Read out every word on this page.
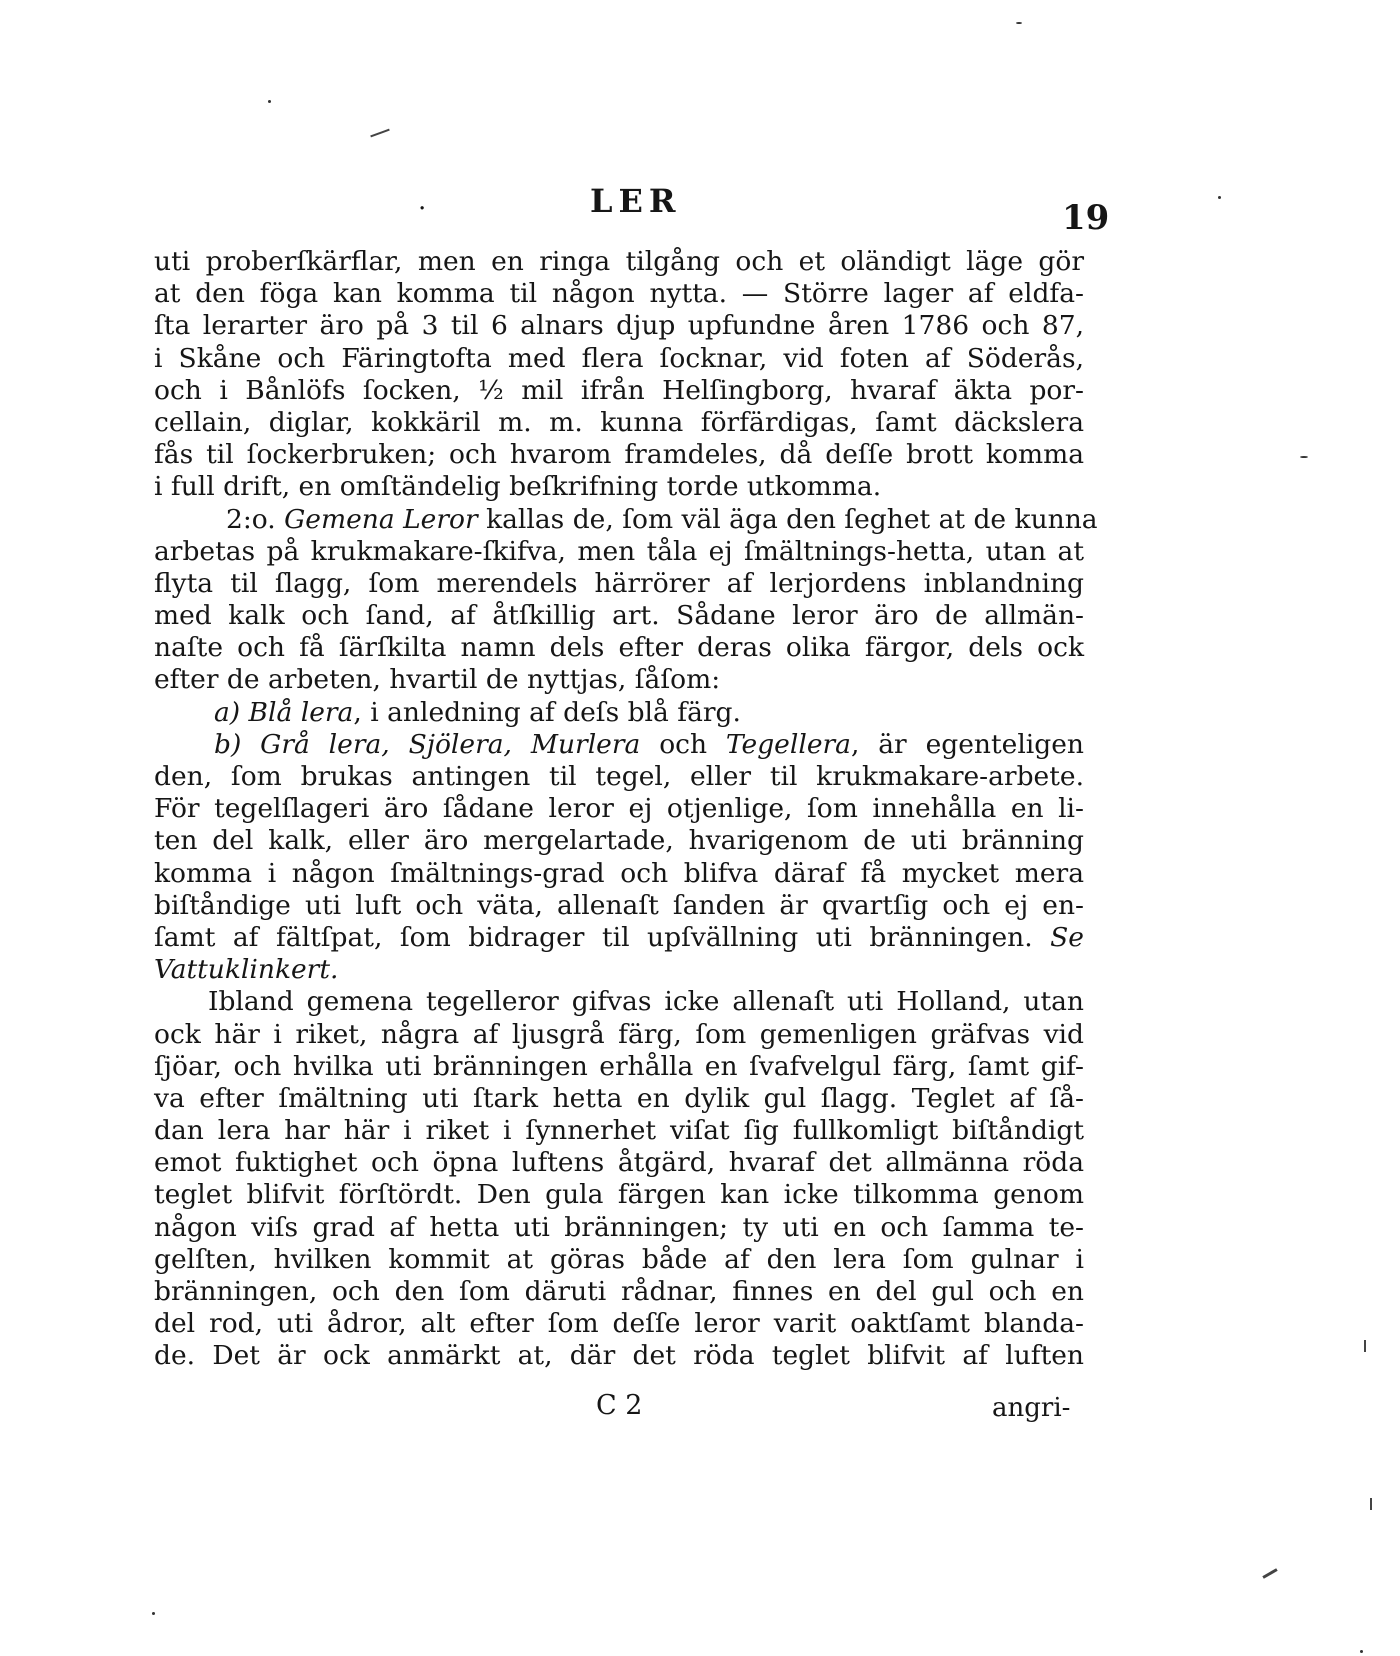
.	LER	19
uti proberſkärflar, men en ringa tilgång och et oländigt läge gör
at den föga kan komma til någon nytta. — Större lager af eldfa-
ſta lerarter äro på 3 til 6 alnars djup upfundne åren 1786 och 87,
i Skåne och Färingtofta med flera ſocknar, vid foten af Söderås,
och i Bånlöfs ſocken, ½ mil ifrån Helſingborg, hvaraf äkta por-
cellain, diglar, kokkäril m. m. kunna förfärdigas, ſamt däckslera
fås til ſockerbruken; och hvarom framdeles, då deſſe brott komma
i full drift, en omſtändelig beſkrifning torde utkomma.
2:o. Gemena Leror kallas de, ſom väl äga den ſeghet at de kunna
arbetas på krukmakare-ſkifva, men tåla ej ſmältnings-hetta, utan at
flyta til ſlagg, ſom merendels härrörer af lerjordens inblandning
med kalk och ſand, af åtſkillig art. Sådane leror äro de allmän-
naſte och få ſärſkilta namn dels efter deras olika färgor, dels ock
efter de arbeten, hvartil de nyttjas, ſåſom:
a) Blå lera, i anledning af deſs blå färg.
b) Grå lera, Sjölera, Murlera och Tegellera, är egenteligen
den, ſom brukas antingen til tegel, eller til krukmakare-arbete.
För tegelſlageri äro ſådane leror ej otjenlige, ſom innehålla en li-
ten del kalk, eller äro mergelartade, hvarigenom de uti bränning
komma i någon ſmältnings-grad och blifva däraf få mycket mera
biſtåndige uti luft och väta, allenaſt ſanden är qvartſig och ej en-
ſamt af fältſpat, ſom bidrager til upſvällning uti bränningen. Se
Vattuklinkert.
Ibland gemena tegelleror gifvas icke allenaſt uti Holland, utan
ock här i riket, några af ljusgrå färg, ſom gemenligen gräfvas vid
ſjöar, och hvilka uti bränningen erhålla en ſvafvelgul färg, ſamt gif-
va efter ſmältning uti ſtark hetta en dylik gul ſlagg. Teglet af ſå-
dan lera har här i riket i ſynnerhet viſat ſig fullkomligt biſtåndigt
emot fuktighet och öpna luftens åtgärd, hvaraf det allmänna röda
teglet blifvit förſtördt. Den gula färgen kan icke tilkomma genom
någon viſs grad af hetta uti bränningen; ty uti en och ſamma te-
gelſten, hvilken kommit at göras både af den lera ſom gulnar i
bränningen, och den ſom däruti rådnar, finnes en del gul och en
del rod, uti ådror, alt efter ſom deſſe leror varit oaktſamt blanda-
de. Det är ock anmärkt at, där det röda teglet blifvit af luften
C 2	angri-
